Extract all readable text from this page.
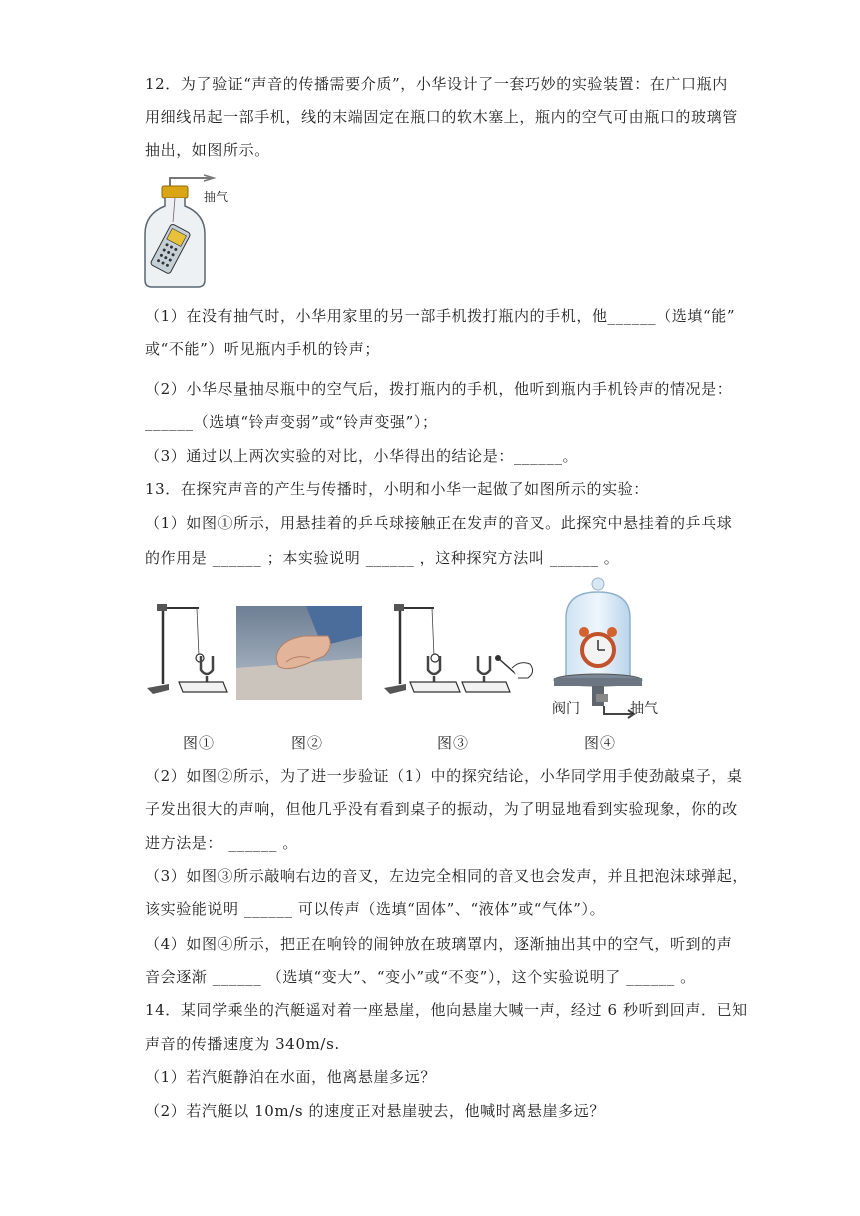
12．为了验证“声音的传播需要介质”，小华设计了一套巧妙的实验装置：在广口瓶内
用细线吊起一部手机，线的末端固定在瓶口的软木塞上，瓶内的空气可由瓶口的玻璃管
抽出，如图所示。
抽气
（1）在没有抽气时，小华用家里的另一部手机拨打瓶内的手机，他______（选填“能”
或“不能”）听见瓶内手机的铃声；
（2）小华尽量抽尽瓶中的空气后，拨打瓶内的手机，他听到瓶内手机铃声的情况是：
______（选填“铃声变弱”或“铃声变强”）；
（3）通过以上两次实验的对比，小华得出的结论是：______。
13．在探究声音的产生与传播时，小明和小华一起做了如图所示的实验：
（1）如图①所示，用悬挂着的乒乓球接触正在发声的音叉。此探究中悬挂着的乒乓球
的作用是 ______ ；本实验说明 ______ ，这种探究方法叫 ______ 。
阀门	抽气
图①	图②	图③	图④
（2）如图②所示，为了进一步验证（1）中的探究结论，小华同学用手使劲敲桌子，桌
子发出很大的声响，但他几乎没有看到桌子的振动，为了明显地看到实验现象，你的改
进方法是： ______ 。
（3）如图③所示敲响右边的音叉，左边完全相同的音叉也会发声，并且把泡沫球弹起，
该实验能说明 ______ 可以传声（选填“固体”、“液体”或“气体”）。
（4）如图④所示，把正在响铃的闹钟放在玻璃罩内，逐渐抽出其中的空气，听到的声
音会逐渐 ______ （选填“变大”、“变小”或“不变”），这个实验说明了 ______ 。
14．某同学乘坐的汽艇遥对着一座悬崖，他向悬崖大喊一声，经过 6 秒听到回声．已知
声音的传播速度为 340m/s.
（1）若汽艇静泊在水面，他离悬崖多远？
（2）若汽艇以 10m/s 的速度正对悬崖驶去，他喊时离悬崖多远？
